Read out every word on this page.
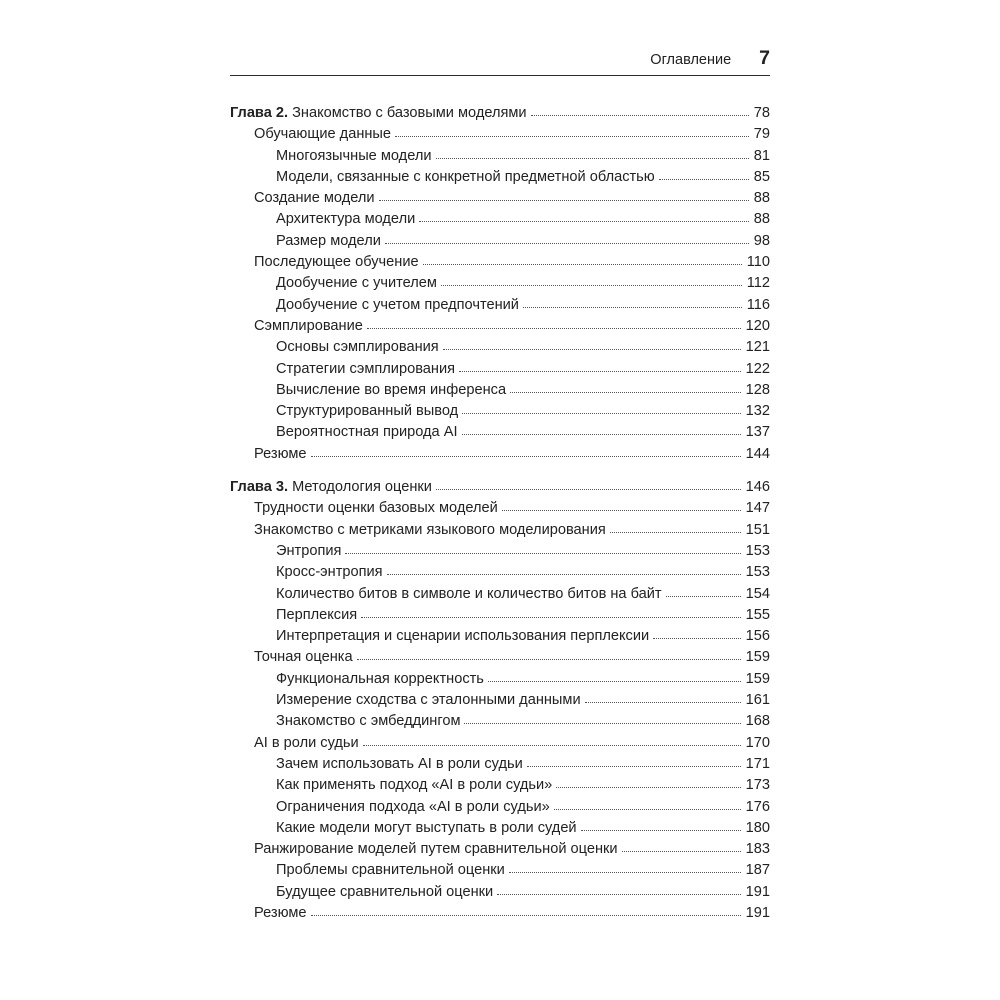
Оглавление 7
Глава 2. Знакомство с базовыми моделями	78
Обучающие данные	79
Многоязычные модели	81
Модели, связанные с конкретной предметной областью	85
Создание модели	88
Архитектура модели	88
Размер модели	98
Последующее обучение	110
Дообучение с учителем	112
Дообучение с учетом предпочтений	116
Сэмплирование	120
Основы сэмплирования	121
Стратегии сэмплирования	122
Вычисление во время инференса	128
Структурированный вывод	132
Вероятностная природа AI	137
Резюме	144
Глава 3. Методология оценки	146
Трудности оценки базовых моделей	147
Знакомство с метриками языкового моделирования	151
Энтропия	153
Кросс-энтропия	153
Количество битов в символе и количество битов на байт	154
Перплексия	155
Интерпретация и сценарии использования перплексии	156
Точная оценка	159
Функциональная корректность	159
Измерение сходства с эталонными данными	161
Знакомство с эмбеддингом	168
AI в роли судьи	170
Зачем использовать AI в роли судьи	171
Как применять подход «AI в роли судьи»	173
Ограничения подхода «AI в роли судьи»	176
Какие модели могут выступать в роли судей	180
Ранжирование моделей путем сравнительной оценки	183
Проблемы сравнительной оценки	187
Будущее сравнительной оценки	191
Резюме	191
